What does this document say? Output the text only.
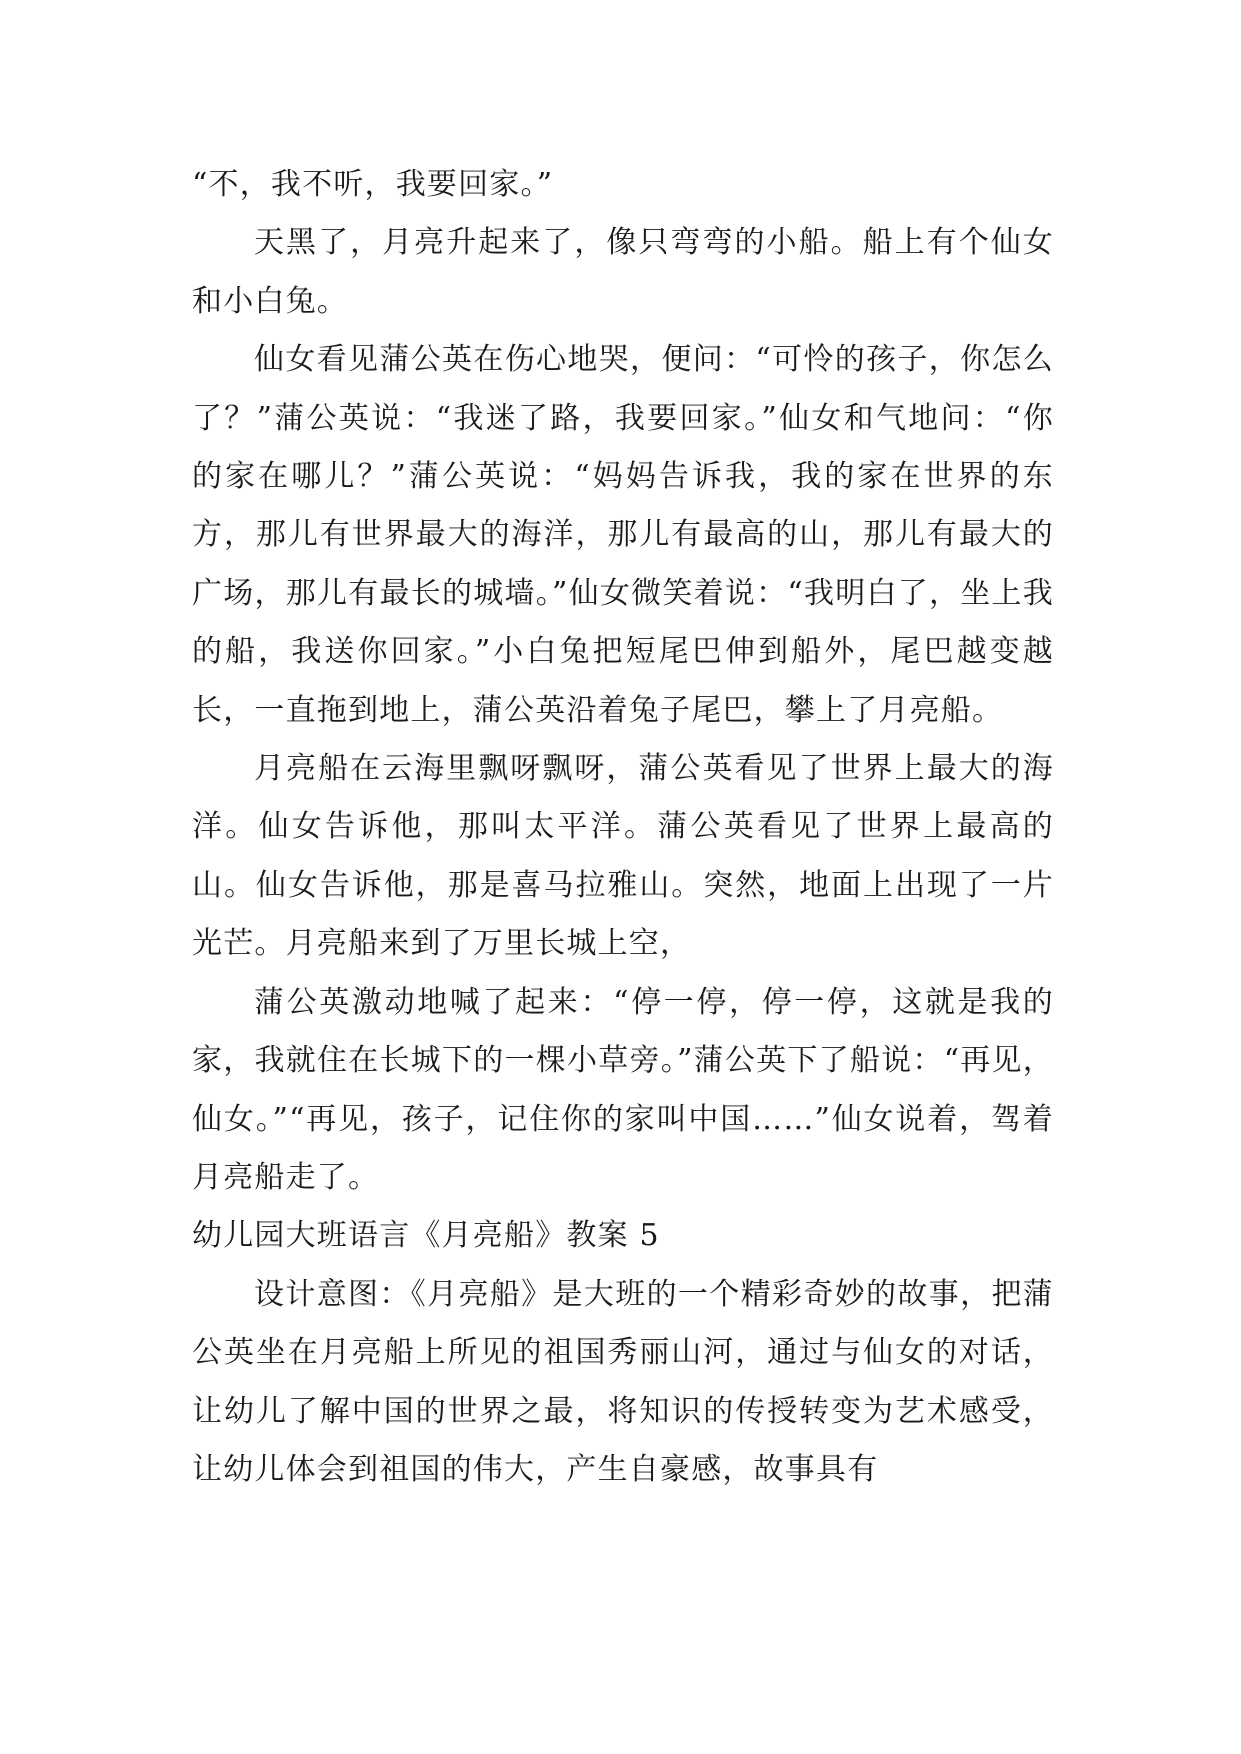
“不，我不听，我要回家。”

天黑了，月亮升起来了，像只弯弯的小船。船上有个仙女和小白兔。

仙女看见蒲公英在伤心地哭，便问：“可怜的孩子，你怎么了？”蒲公英说：“我迷了路，我要回家。”仙女和气地问：“你的家在哪儿？”蒲公英说：“妈妈告诉我，我的家在世界的东方，那儿有世界最大的海洋，那儿有最高的山，那儿有最大的广场，那儿有最长的城墙。”仙女微笑着说：“我明白了，坐上我的船，我送你回家。”小白兔把短尾巴伸到船外，尾巴越变越长，一直拖到地上，蒲公英沿着兔子尾巴，攀上了月亮船。

月亮船在云海里飘呀飘呀，蒲公英看见了世界上最大的海洋。仙女告诉他，那叫太平洋。蒲公英看见了世界上最高的山。仙女告诉他，那是喜马拉雅山。突然，地面上出现了一片光芒。月亮船来到了万里长城上空，

蒲公英激动地喊了起来：“停一停，停一停，这就是我的家，我就住在长城下的一棵小草旁。”蒲公英下了船说：“再见，仙女。”“再见，孩子，记住你的家叫中国……”仙女说着，驾着月亮船走了。

幼儿园大班语言《月亮船》教案 5

设计意图：《月亮船》是大班的一个精彩奇妙的故事，把蒲公英坐在月亮船上所见的祖国秀丽山河，通过与仙女的对话，让幼儿了解中国的世界之最，将知识的传授转变为艺术感受，让幼儿体会到祖国的伟大，产生自豪感，故事具有
